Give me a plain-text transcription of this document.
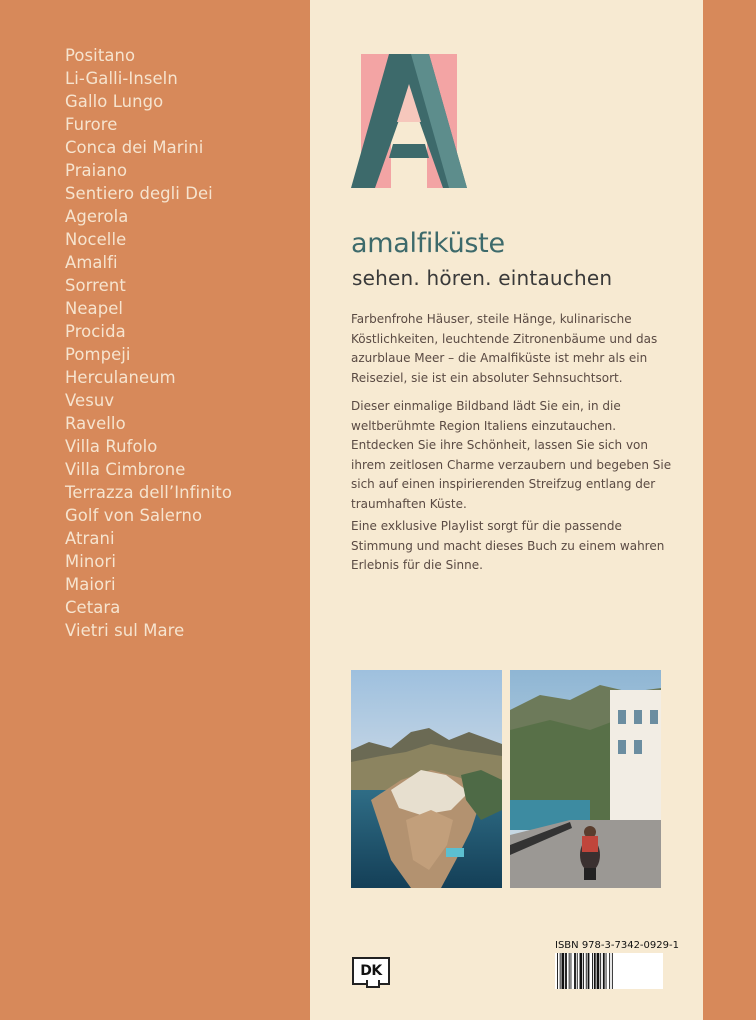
Positano
Li-Galli-Inseln
Gallo Lungo
Furore
Conca dei Marini
Praiano
Sentiero degli Dei
Agerola
Nocelle
Amalfi
Sorrent
Neapel
Procida
Pompeji
Herculaneum
Vesuv
Ravello
Villa Rufolo
Villa Cimbrone
Terrazza dell’Infinito
Golf von Salerno
Atrani
Minori
Maiori
Cetara
Vietri sul Mare
amalfiküste
sehen. hören. eintauchen

Farbenfrohe Häuser, steile Hänge, kulinarische Köstlichkeiten, leuchtende Zitronenbäume und das azurblaue Meer – die Amalfiküste ist mehr als ein Reiseziel, sie ist ein absoluter Sehnsuchtsort.

Dieser einmalige Bildband lädt Sie ein, in die weltberühmte Region Italiens einzutauchen. Entdecken Sie ihre Schönheit, lassen Sie sich von ihrem zeitlosen Charme verzaubern und begeben Sie sich auf einen inspirierenden Streifzug entlang der traumhaften Küste.

Eine exklusive Playlist sorgt für die passende Stimmung und macht dieses Buch zu einem wahren Erlebnis für die Sinne.

DK

ISBN 978-3-7342-0929-1
